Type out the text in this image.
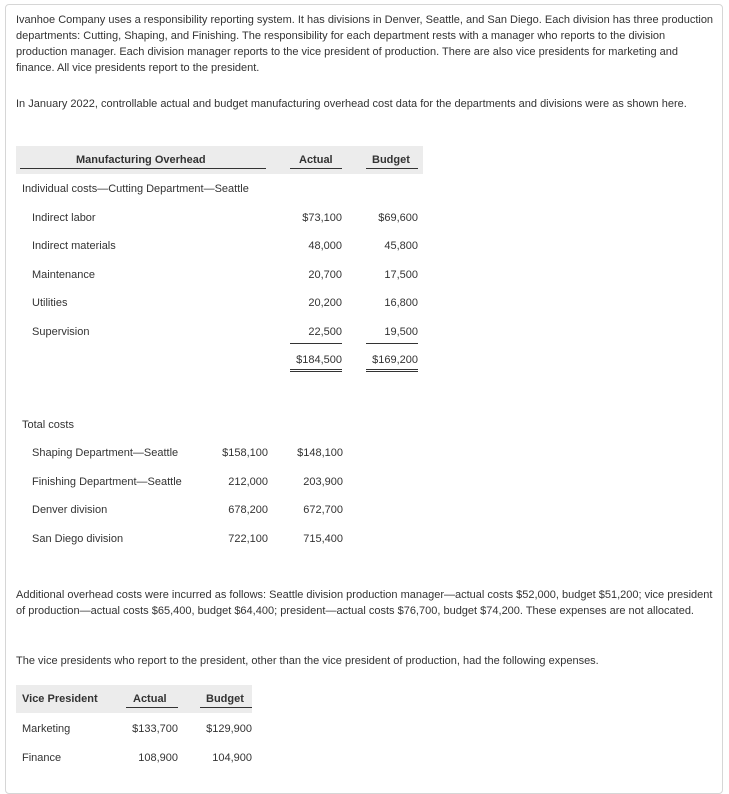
Ivanhoe Company uses a responsibility reporting system. It has divisions in Denver, Seattle, and San Diego. Each division has three production departments: Cutting, Shaping, and Finishing. The responsibility for each department rests with a manager who reports to the division production manager. Each division manager reports to the vice president of production. There are also vice presidents for marketing and finance. All vice presidents report to the president.

In January 2022, controllable actual and budget manufacturing overhead cost data for the departments and divisions were as shown here.

Manufacturing Overhead	Actual	Budget
Individual costs—Cutting Department—Seattle
Indirect labor	$73,100	$69,600
Indirect materials	48,000	45,800
Maintenance	20,700	17,500
Utilities	20,200	16,800
Supervision	22,500	19,500
$184,500	$169,200
Total costs
Shaping Department—Seattle	$158,100	$148,100
Finishing Department—Seattle	212,000	203,900
Denver division	678,200	672,700
San Diego division	722,100	715,400

Additional overhead costs were incurred as follows: Seattle division production manager—actual costs $52,000, budget $51,200; vice president of production—actual costs $65,400, budget $64,400; president—actual costs $76,700, budget $74,200. These expenses are not allocated.

The vice presidents who report to the president, other than the vice president of production, had the following expenses.

Vice President	Actual	Budget
Marketing	$133,700	$129,900
Finance	108,900	104,900
